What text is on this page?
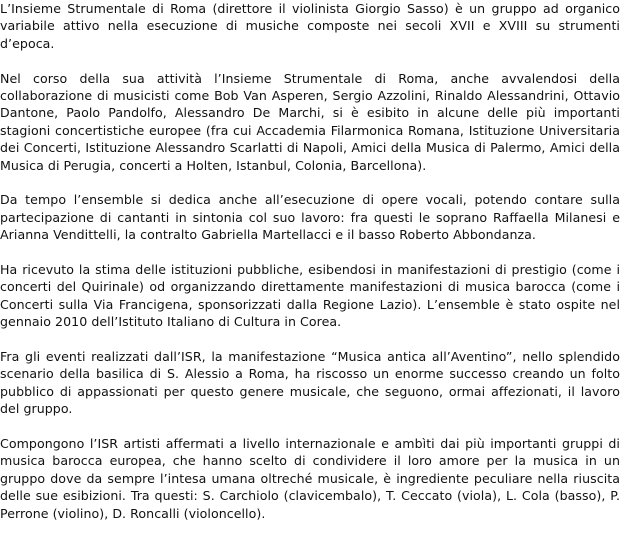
L’Insieme Strumentale di Roma (direttore il violinista Giorgio Sasso) è un gruppo ad organico variabile attivo nella esecuzione di musiche composte nei secoli XVII e XVIII su strumenti d’epoca.

Nel corso della sua attività l’Insieme Strumentale di Roma, anche avvalendosi della collaborazione di musicisti come Bob Van Asperen, Sergio Azzolini, Rinaldo Alessandrini, Ottavio Dantone, Paolo Pandolfo, Alessandro De Marchi, si è esibito in alcune delle più importanti stagioni concertistiche europee (fra cui Accademia Filarmonica Romana, Istituzione Universitaria dei Concerti, Istituzione Alessandro Scarlatti di Napoli, Amici della Musica di Palermo, Amici della Musica di Perugia, concerti a Holten, Istanbul, Colonia, Barcellona).

Da tempo l’ensemble si dedica anche all’esecuzione di opere vocali, potendo contare sulla partecipazione di cantanti in sintonia col suo lavoro: fra questi le soprano Raffaella Milanesi e Arianna Vendittelli, la contralto Gabriella Martellacci e il basso Roberto Abbondanza.

Ha ricevuto la stima delle istituzioni pubbliche, esibendosi in manifestazioni di prestigio (come i concerti del Quirinale) od organizzando direttamente manifestazioni di musica barocca (come i Concerti sulla Via Francigena, sponsorizzati dalla Regione Lazio). L’ensemble è stato ospite nel gennaio 2010 dell’Istituto Italiano di Cultura in Corea.

Fra gli eventi realizzati dall’ISR, la manifestazione “Musica antica all’Aventino”, nello splendido scenario della basilica di S. Alessio a Roma, ha riscosso un enorme successo creando un folto pubblico di appassionati per questo genere musicale, che seguono, ormai affezionati, il lavoro del gruppo.

Compongono l’ISR artisti affermati a livello internazionale e ambìti dai più importanti gruppi di musica barocca europea, che hanno scelto di condividere il loro amore per la musica in un gruppo dove da sempre l’intesa umana oltreché musicale, è ingrediente peculiare nella riuscita delle sue esibizioni. Tra questi: S. Carchiolo (clavicembalo), T. Ceccato (viola), L. Cola (basso), P. Perrone (violino), D. Roncalli (violoncello).
